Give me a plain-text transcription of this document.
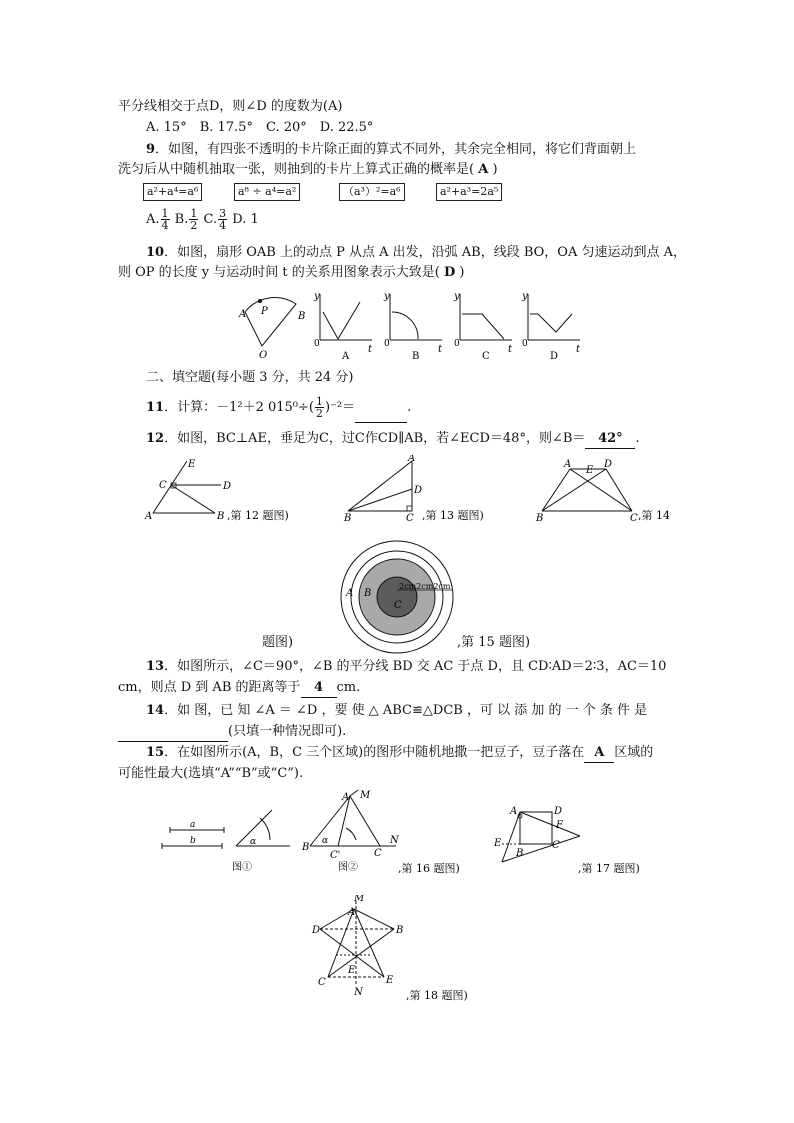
平分线相交于点D，则∠D 的度数为(A)
A. 15°　B. 17.5°　C. 20°　D. 22.5°
9．如图，有四张不透明的卡片除正面的算式不同外，其余完全相同，将它们背面朝上
洗匀后从中随机抽取一张，则抽到的卡片上算式正确的概率是( A )
a²+a⁴=a⁶	a⁸ ÷ a⁴=a²	（a³）²=a⁶	a²+a³=2a⁵
A. $\frac{1}{4} B$. $\frac{1}{2} C$. $\frac{3}{4} D$. 1
10．如图，扇形 OAB 上的动点 P 从点 A 出发，沿弧 AB，线段 BO，OA 匀速运动到点 A，
则 OP 的长度 y 与运动时间 t 的关系用图象表示大致是( D )
A	B
O
P
y
t
0
A
y
t
0
B
y
t
0
C
y
t
0
D
二、填空题(每小题 3 分，共 24 分)
11．计算：－1²＋2 $015^0\div( \frac{1}{2} )^{-2}=$	.
12．如图，BC⊥AE，垂足为C，过C作CD∥AB，若∠ECD＝48°，则∠B＝ 42° .
E
C	D
A	B ,第 12 题图)
A
D
B	C ,第 13 题图)
A
E
D
B	C ,第 14
2cm2cm2cm
A B
C
题图)	,第 15 题图)
13．如图所示，∠C＝90°，∠B 的平分线 BD 交 AC 于点 D，且 CD∶AD＝2∶3，AC＝10
cm，则点 D 到 AB 的距离等于 4 cm.
14．如 图，已 知 ∠A ＝ ∠D ，要 使 △ ABC≌△DCB ，可 以 添 加 的 一 个 条 件 是
(只填一种情况即可).
15．在如图所示(A，B，C 三个区域)的图形中随机地撒一把豆子，豆子落在 A 区域的
可能性最大(选填“A”“B”或“C”).
a
b	α
图①
α
A M
B
C'	C
N
图②	,第 16 题图)
A	D
F
E
B
C
,第 17 题图)
M
A
D	B
E
E
C
N	,第 18 题图)
